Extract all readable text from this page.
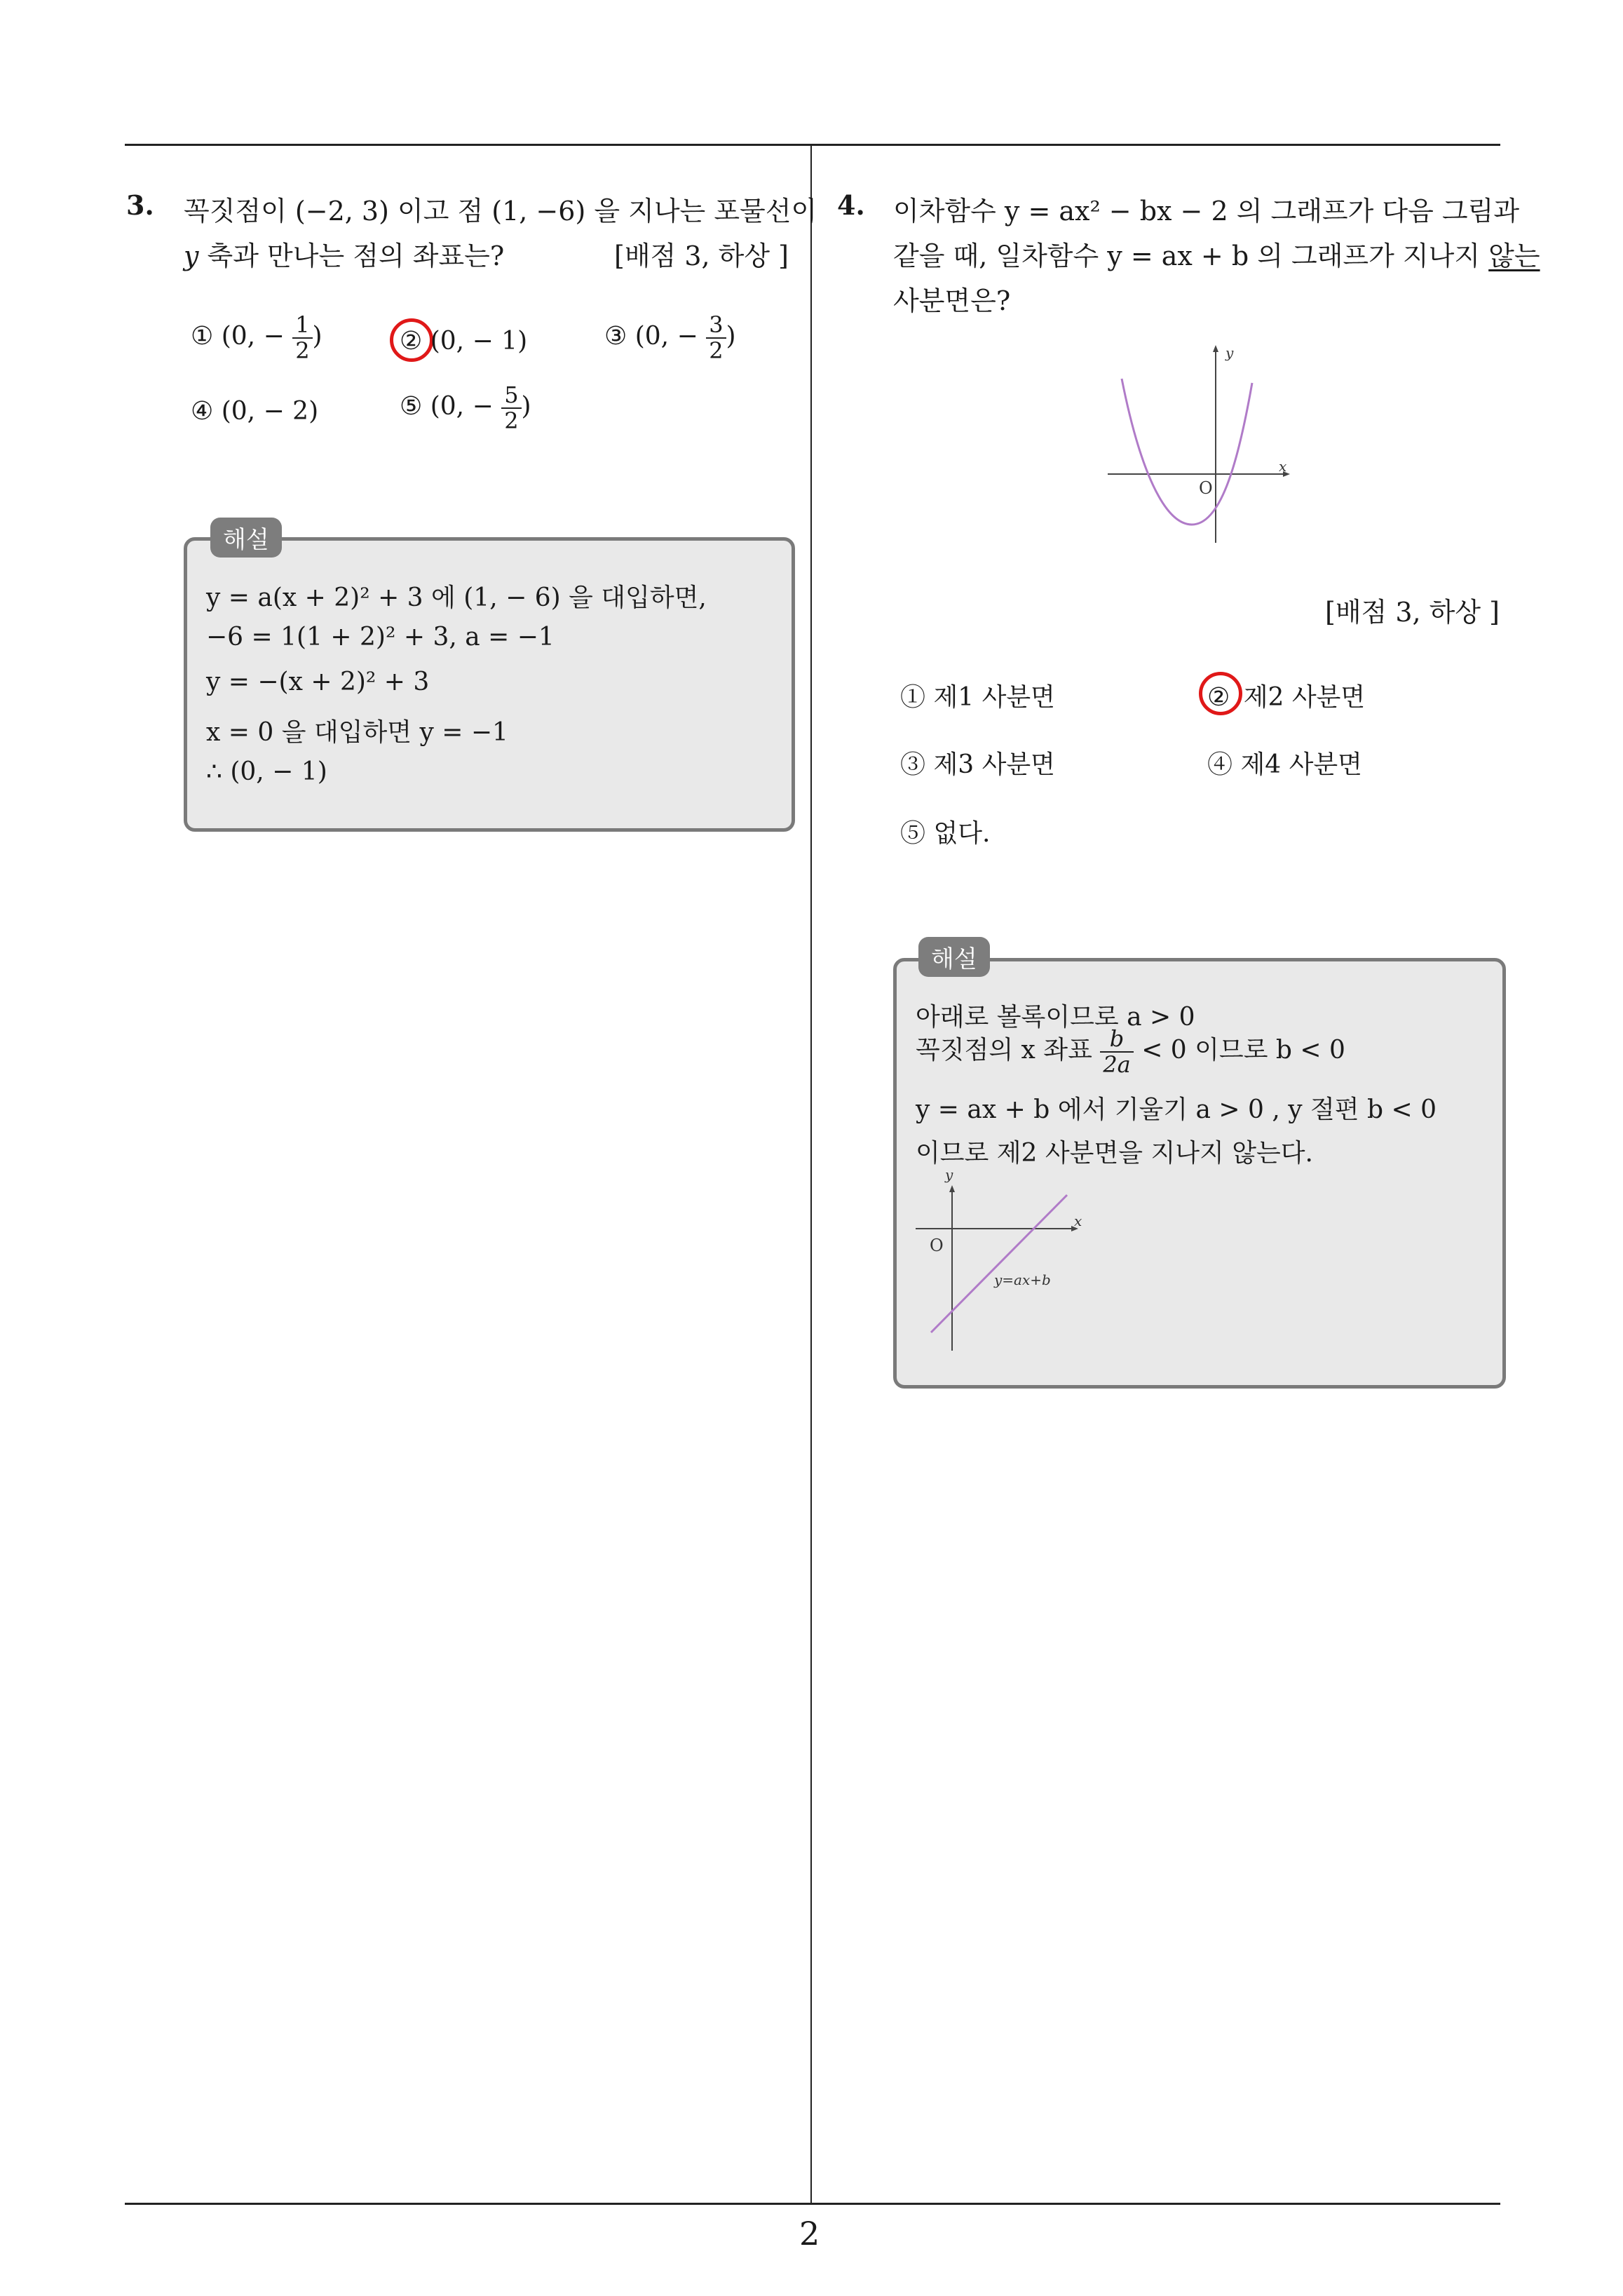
2
3. 꼭짓점이 (−2, 3) 이고 점 (1, −6) 을 지나는 포물선이
y 축과 만나는 점의 좌표는?	[배점 3, 하상 ]
① (0, − $\frac{1}{2}$ )	② (0, − 1)	③ (0, − $\frac{3}{2}$ )
④ (0, − 2)	⑤ (0, − $\frac{5}{2}$ )
해설
y = a(x + 2)² + 3 에 (1, − 6) 을 대입하면,
−6 = 1(1 + 2)² + 3, a = −1
y = −(x + 2)² + 3
x = 0 을 대입하면 y = −1
∴ (0, − 1)
4. 이차함수 y = ax² − bx − 2 의 그래프가 다음 그림과
같을 때, 일차함수 y = ax + b 의 그래프가 지나지 않는
사분면은?
y
x
O
[배점 3, 하상 ]
① 제1 사분면	② 제2 사분면
③ 제3 사분면	④ 제4 사분면
⑤ 없다.
해설
아래로 볼록이므로 a > 0
꼭짓점의 x 좌표 $\frac{b}{2a} < 0$ 이므로 b < 0
y = ax + b 에서 기울기 a > 0 , y 절편 b < 0
이므로 제2 사분면을 지나지 않는다.
y
x
O
y=ax+b
